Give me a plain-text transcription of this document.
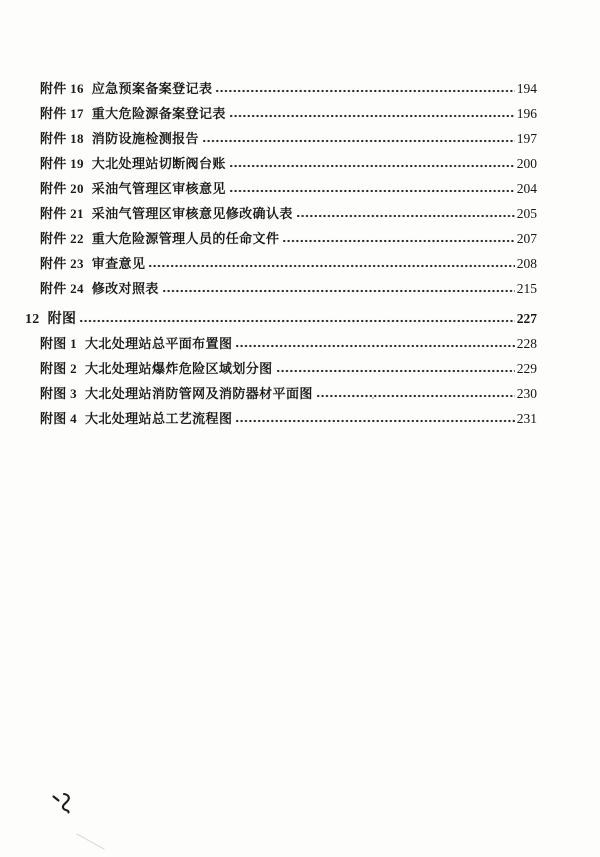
附件 16 应急预案备案登记表	194
附件 17 重大危险源备案登记表	196
附件 18 消防设施检测报告	197
附件 19 大北处理站切断阀台账	200
附件 20 采油气管理区审核意见	204
附件 21 采油气管理区审核意见修改确认表	205
附件 22 重大危险源管理人员的任命文件	207
附件 23 审查意见	208
附件 24 修改对照表	215
12 附图	227
附图 1 大北处理站总平面布置图	228
附图 2 大北处理站爆炸危险区域划分图	229
附图 3 大北处理站消防管网及消防器材平面图	230
附图 4 大北处理站总工艺流程图	231
